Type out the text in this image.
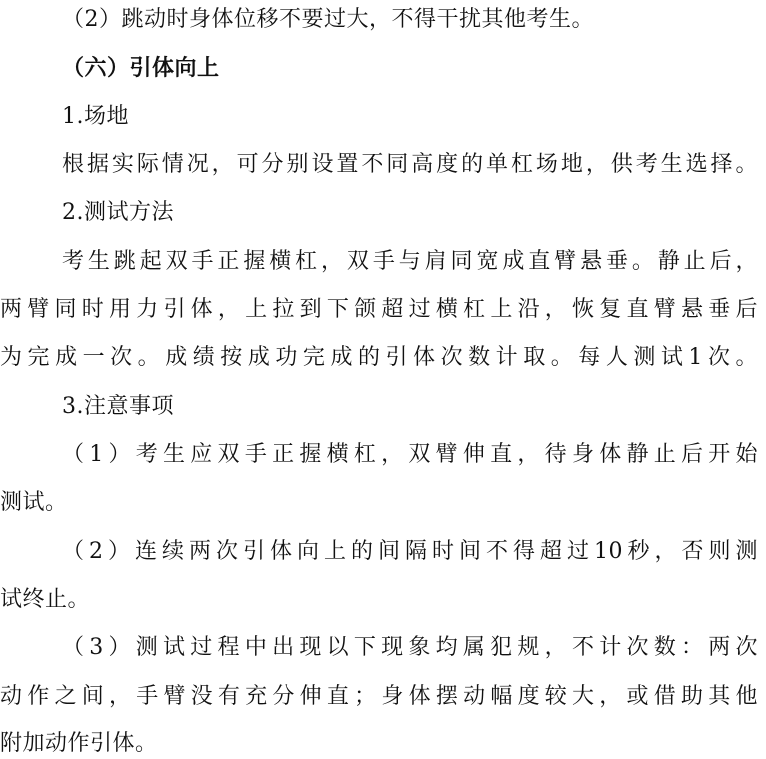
（2）跳动时身体位移不要过大，不得干扰其他考生。
（六）引体向上
1.场地
根据实际情况，可分别设置不同高度的单杠场地，供考生选择。
2.测试方法
考生跳起双手正握横杠，双手与肩同宽成直臂悬垂。静止后，
两臂同时用力引体，上拉到下颌超过横杠上沿，恢复直臂悬垂后
为完成一次。成绩按成功完成的引体次数计取。每人测试1次。
3.注意事项
（1）考生应双手正握横杠，双臂伸直，待身体静止后开始
测试。
（2）连续两次引体向上的间隔时间不得超过10秒，否则测
试终止。
（3）测试过程中出现以下现象均属犯规，不计次数：两次
动作之间，手臂没有充分伸直；身体摆动幅度较大，或借助其他
附加动作引体。
